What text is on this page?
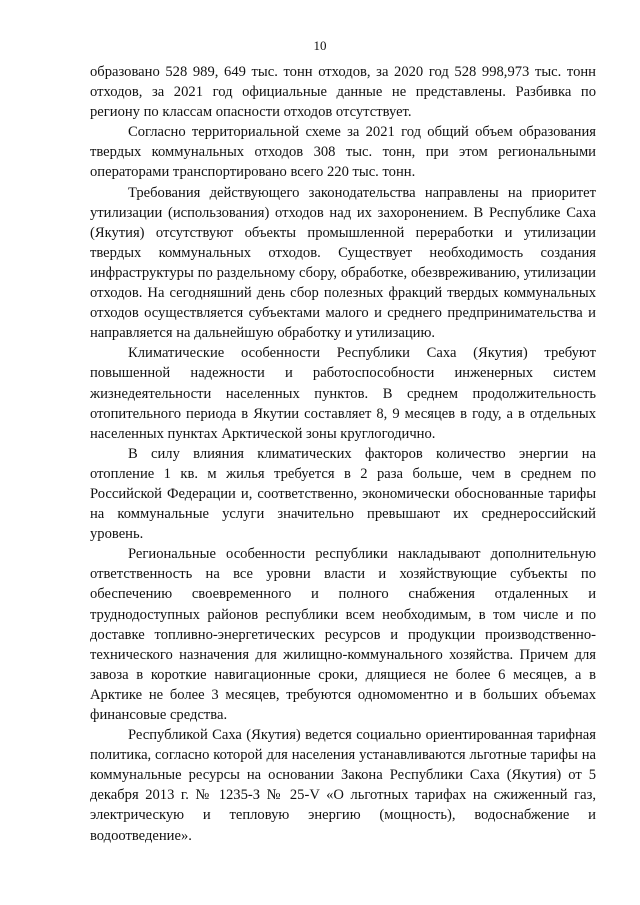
10

образовано 528 989, 649 тыс. тонн отходов, за 2020 год 528 998,973 тыс. тонн отходов, за 2021 год официальные данные не представлены. Разбивка по региону по классам опасности отходов отсутствует.

Согласно территориальной схеме за 2021 год общий объем образования твердых коммунальных отходов 308 тыс. тонн, при этом региональными операторами транспортировано всего 220 тыс. тонн.

Требования действующего законодательства направлены на приоритет утилизации (использования) отходов над их захоронением. В Республике Саха (Якутия) отсутствуют объекты промышленной переработки и утилизации твердых коммунальных отходов. Существует необходимость создания инфраструктуры по раздельному сбору, обработке, обезвреживанию, утилизации отходов. На сегодняшний день сбор полезных фракций твердых коммунальных отходов осуществляется субъектами малого и среднего предпринимательства и направляется на дальнейшую обработку и утилизацию.

Климатические особенности Республики Саха (Якутия) требуют повышенной надежности и работоспособности инженерных систем жизнедеятельности населенных пунктов. В среднем продолжительность отопительного периода в Якутии составляет 8, 9 месяцев в году, а в отдельных населенных пунктах Арктической зоны круглогодично.

В силу влияния климатических факторов количество энергии на отопление 1 кв. м жилья требуется в 2 раза больше, чем в среднем по Российской Федерации и, соответственно, экономически обоснованные тарифы на коммунальные услуги значительно превышают их среднероссийский уровень.

Региональные особенности республики накладывают дополнительную ответственность на все уровни власти и хозяйствующие субъекты по обеспечению своевременного и полного снабжения отдаленных и труднодоступных районов республики всем необходимым, в том числе и по доставке топливно-энергетических ресурсов и продукции производственно-технического назначения для жилищно-коммунального хозяйства. Причем для завоза в короткие навигационные сроки, длящиеся не более 6 месяцев, а в Арктике не более 3 месяцев, требуются одномоментно и в больших объемах финансовые средства.

Республикой Саха (Якутия) ведется социально ориентированная тарифная политика, согласно которой для населения устанавливаются льготные тарифы на коммунальные ресурсы на основании Закона Республики Саха (Якутия) от 5 декабря 2013 г. № 1235-З № 25-V «О льготных тарифах на сжиженный газ, электрическую и тепловую энергию (мощность), водоснабжение и водоотведение».
